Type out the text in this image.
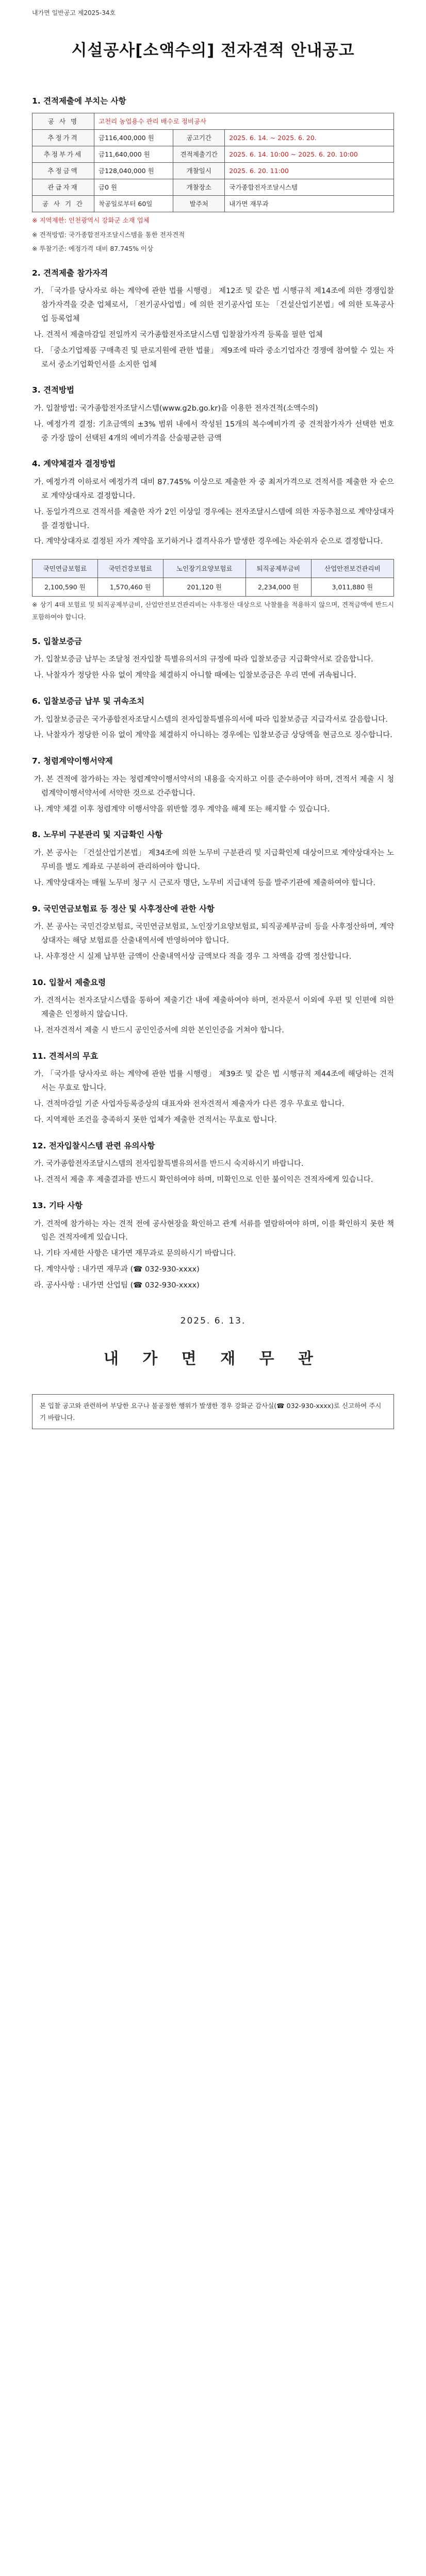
내가면 일반공고 제2025-34호
시설공사[소액수의] 전자견적 안내공고
1. 견적제출에 부치는 사항
공 사 명	고천리 농업용수 관리 배수로 정비공사		
추정가격	금116,400,000 원	공고기간	2025. 6. 14. ~ 2025. 6. 20.
추정부가세	금11,640,000 원	견적제출기간	2025. 6. 14. 10:00 ~ 2025. 6. 20. 10:00
추정금액	금128,040,000 원	개찰일시	2025. 6. 20. 11:00
관급자재	금0 원	개찰장소	국가종합전자조달시스템
공 사 기 간	착공일로부터 60일	발주처	내가면 재무과
※ 지역제한: 인천광역시 강화군 소재 업체
※ 견적방법: 국가종합전자조달시스템을 통한 전자견적
※ 투찰기준: 예정가격 대비 87.745% 이상
2. 견적제출 참가자격
가. 「국가를 당사자로 하는 계약에 관한 법률 시행령」 제12조 및 같은 법 시행규칙 제14조에 의한 경쟁입찰 참가자격을 갖춘 업체로서, 「전기공사업법」에 의한 전기공사업 또는 「건설산업기본법」에 의한 토목공사업 등록업체
나. 견적서 제출마감일 전일까지 국가종합전자조달시스템 입찰참가자격 등록을 필한 업체
다. 「중소기업제품 구매촉진 및 판로지원에 관한 법률」 제9조에 따라 중소기업자간 경쟁에 참여할 수 있는 자로서 중소기업확인서를 소지한 업체
3. 견적방법
가. 입찰방법: 국가종합전자조달시스템(www.g2b.go.kr)을 이용한 전자견적(소액수의)
나. 예정가격 결정: 기초금액의 ±3% 범위 내에서 작성된 15개의 복수예비가격 중 견적참가자가 선택한 번호 중 가장 많이 선택된 4개의 예비가격을 산술평균한 금액
4. 계약체결자 결정방법
가. 예정가격 이하로서 예정가격 대비 87.745% 이상으로 제출한 자 중 최저가격으로 견적서를 제출한 자 순으로 계약상대자로 결정합니다.
나. 동일가격으로 견적서를 제출한 자가 2인 이상일 경우에는 전자조달시스템에 의한 자동추첨으로 계약상대자를 결정합니다.
다. 계약상대자로 결정된 자가 계약을 포기하거나 결격사유가 발생한 경우에는 차순위자 순으로 결정합니다.
국민연금보험료	국민건강보험료	노인장기요양보험료	퇴직공제부금비	산업안전보건관리비
2,100,590 원	1,570,460 원	201,120 원	2,234,000 원	3,011,880 원
※ 상기 4대 보험료 및 퇴직공제부금비, 산업안전보건관리비는 사후정산 대상으로 낙찰률을 적용하지 않으며, 견적금액에 반드시 포함하여야 합니다.
5. 입찰보증금
가. 입찰보증금 납부는 조달청 전자입찰 특별유의서의 규정에 따라 입찰보증금 지급확약서로 갈음합니다.
나. 낙찰자가 정당한 사유 없이 계약을 체결하지 아니할 때에는 입찰보증금은 우리 면에 귀속됩니다.
6. 입찰보증금 납부 및 귀속조치
가. 입찰보증금은 국가종합전자조달시스템의 전자입찰특별유의서에 따라 입찰보증금 지급각서로 갈음합니다.
나. 낙찰자가 정당한 이유 없이 계약을 체결하지 아니하는 경우에는 입찰보증금 상당액을 현금으로 징수합니다.
7. 청렴계약이행서약제
가. 본 견적에 참가하는 자는 청렴계약이행서약서의 내용을 숙지하고 이를 준수하여야 하며, 견적서 제출 시 청렴계약이행서약서에 서약한 것으로 간주합니다.
나. 계약 체결 이후 청렴계약 이행서약을 위반할 경우 계약을 해제 또는 해지할 수 있습니다.
8. 노무비 구분관리 및 지급확인 사항
가. 본 공사는 「건설산업기본법」 제34조에 의한 노무비 구분관리 및 지급확인제 대상이므로 계약상대자는 노무비를 별도 계좌로 구분하여 관리하여야 합니다.
나. 계약상대자는 매월 노무비 청구 시 근로자 명단, 노무비 지급내역 등을 발주기관에 제출하여야 합니다.
9. 국민연금보험료 등 정산 및 사후정산에 관한 사항
가. 본 공사는 국민건강보험료, 국민연금보험료, 노인장기요양보험료, 퇴직공제부금비 등을 사후정산하며, 계약상대자는 해당 보험료를 산출내역서에 반영하여야 합니다.
나. 사후정산 시 실제 납부한 금액이 산출내역서상 금액보다 적을 경우 그 차액을 감액 정산합니다.
10. 입찰서 제출요령
가. 견적서는 전자조달시스템을 통하여 제출기간 내에 제출하여야 하며, 전자문서 이외에 우편 및 인편에 의한 제출은 인정하지 않습니다.
나. 전자견적서 제출 시 반드시 공인인증서에 의한 본인인증을 거쳐야 합니다.
11. 견적서의 무효
가. 「국가를 당사자로 하는 계약에 관한 법률 시행령」 제39조 및 같은 법 시행규칙 제44조에 해당하는 견적서는 무효로 합니다.
나. 견적마감일 기준 사업자등록증상의 대표자와 전자견적서 제출자가 다른 경우 무효로 합니다.
다. 지역제한 조건을 충족하지 못한 업체가 제출한 견적서는 무효로 합니다.
12. 전자입찰시스템 관련 유의사항
가. 국가종합전자조달시스템의 전자입찰특별유의서를 반드시 숙지하시기 바랍니다.
나. 견적서 제출 후 제출결과를 반드시 확인하여야 하며, 미확인으로 인한 불이익은 견적자에게 있습니다.
13. 기타 사항
가. 견적에 참가하는 자는 견적 전에 공사현장을 확인하고 관계 서류를 열람하여야 하며, 이를 확인하지 못한 책임은 견적자에게 있습니다.
나. 기타 자세한 사항은 내가면 재무과로 문의하시기 바랍니다.
다. 계약사항 : 내가면 재무과 (☎ 032-930-xxxx)
라. 공사사항 : 내가면 산업팀 (☎ 032-930-xxxx)
2025. 6. 13.
내 가 면 재 무 관
본 입찰 공고와 관련하여 부당한 요구나 불공정한 행위가 발생한 경우 강화군 감사실(☎ 032-930-xxxx)로 신고하여 주시기 바랍니다.
